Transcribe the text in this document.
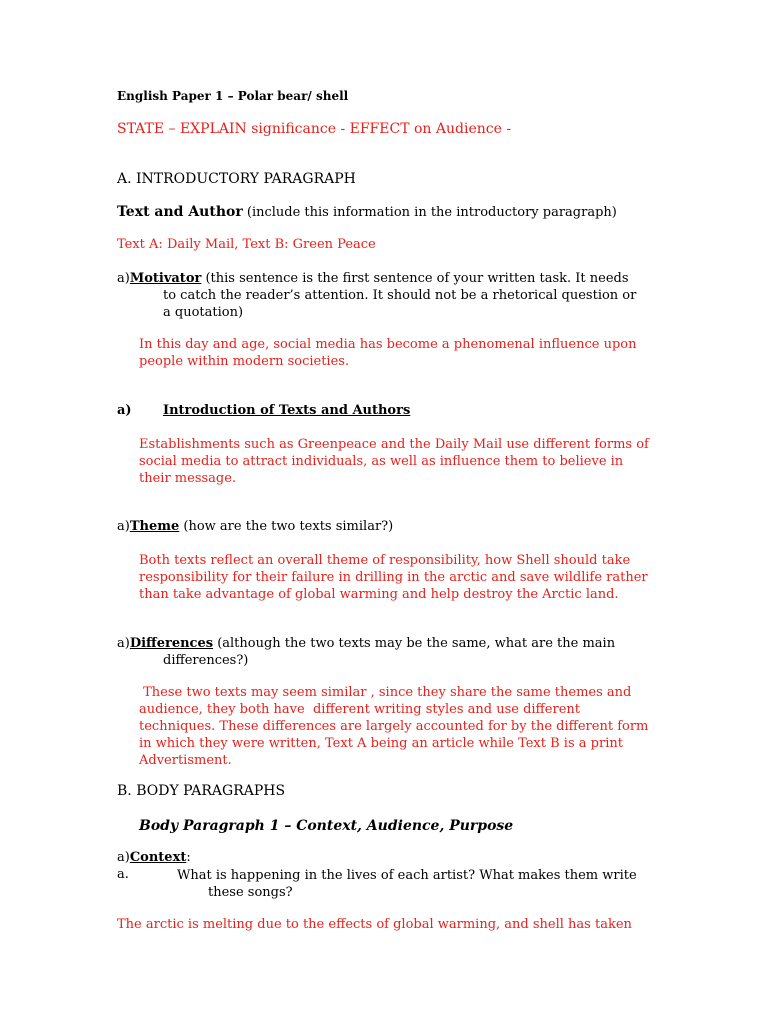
English Paper 1 – Polar bear/ shell
STATE – EXPLAIN significance - EFFECT on Audience -
A. INTRODUCTORY PARAGRAPH
Text and Author (include this information in the introductory paragraph)
Text A: Daily Mail, Text B: Green Peace
a)Motivator (this sentence is the first sentence of your written task. It needs
to catch the reader’s attention. It should not be a rhetorical question or
a quotation)
In this day and age, social media has become a phenomenal influence upon people within modern societies.
a) Introduction of Texts and Authors
Establishments such as Greenpeace and the Daily Mail use different forms of social media to attract individuals, as well as influence them to believe in their message.
a)Theme (how are the two texts similar?)
Both texts reflect an overall theme of responsibility, how Shell should take responsibility for their failure in drilling in the arctic and save wildlife rather than take advantage of global warming and help destroy the Arctic land.
a)Differences (although the two texts may be the same, what are the main
differences?)
These two texts may seem similar , since they share the same themes and audience, they both have  different writing styles and use different techniques. These differences are largely accounted for by the different form in which they were written, Text A being an article while Text B is a print Advertisment.
B. BODY PARAGRAPHS
Body Paragraph 1 – Context, Audience, Purpose
a)Context:
a.	What is happening in the lives of each artist? What makes them write
these songs?
The arctic is melting due to the effects of global warming, and shell has taken
